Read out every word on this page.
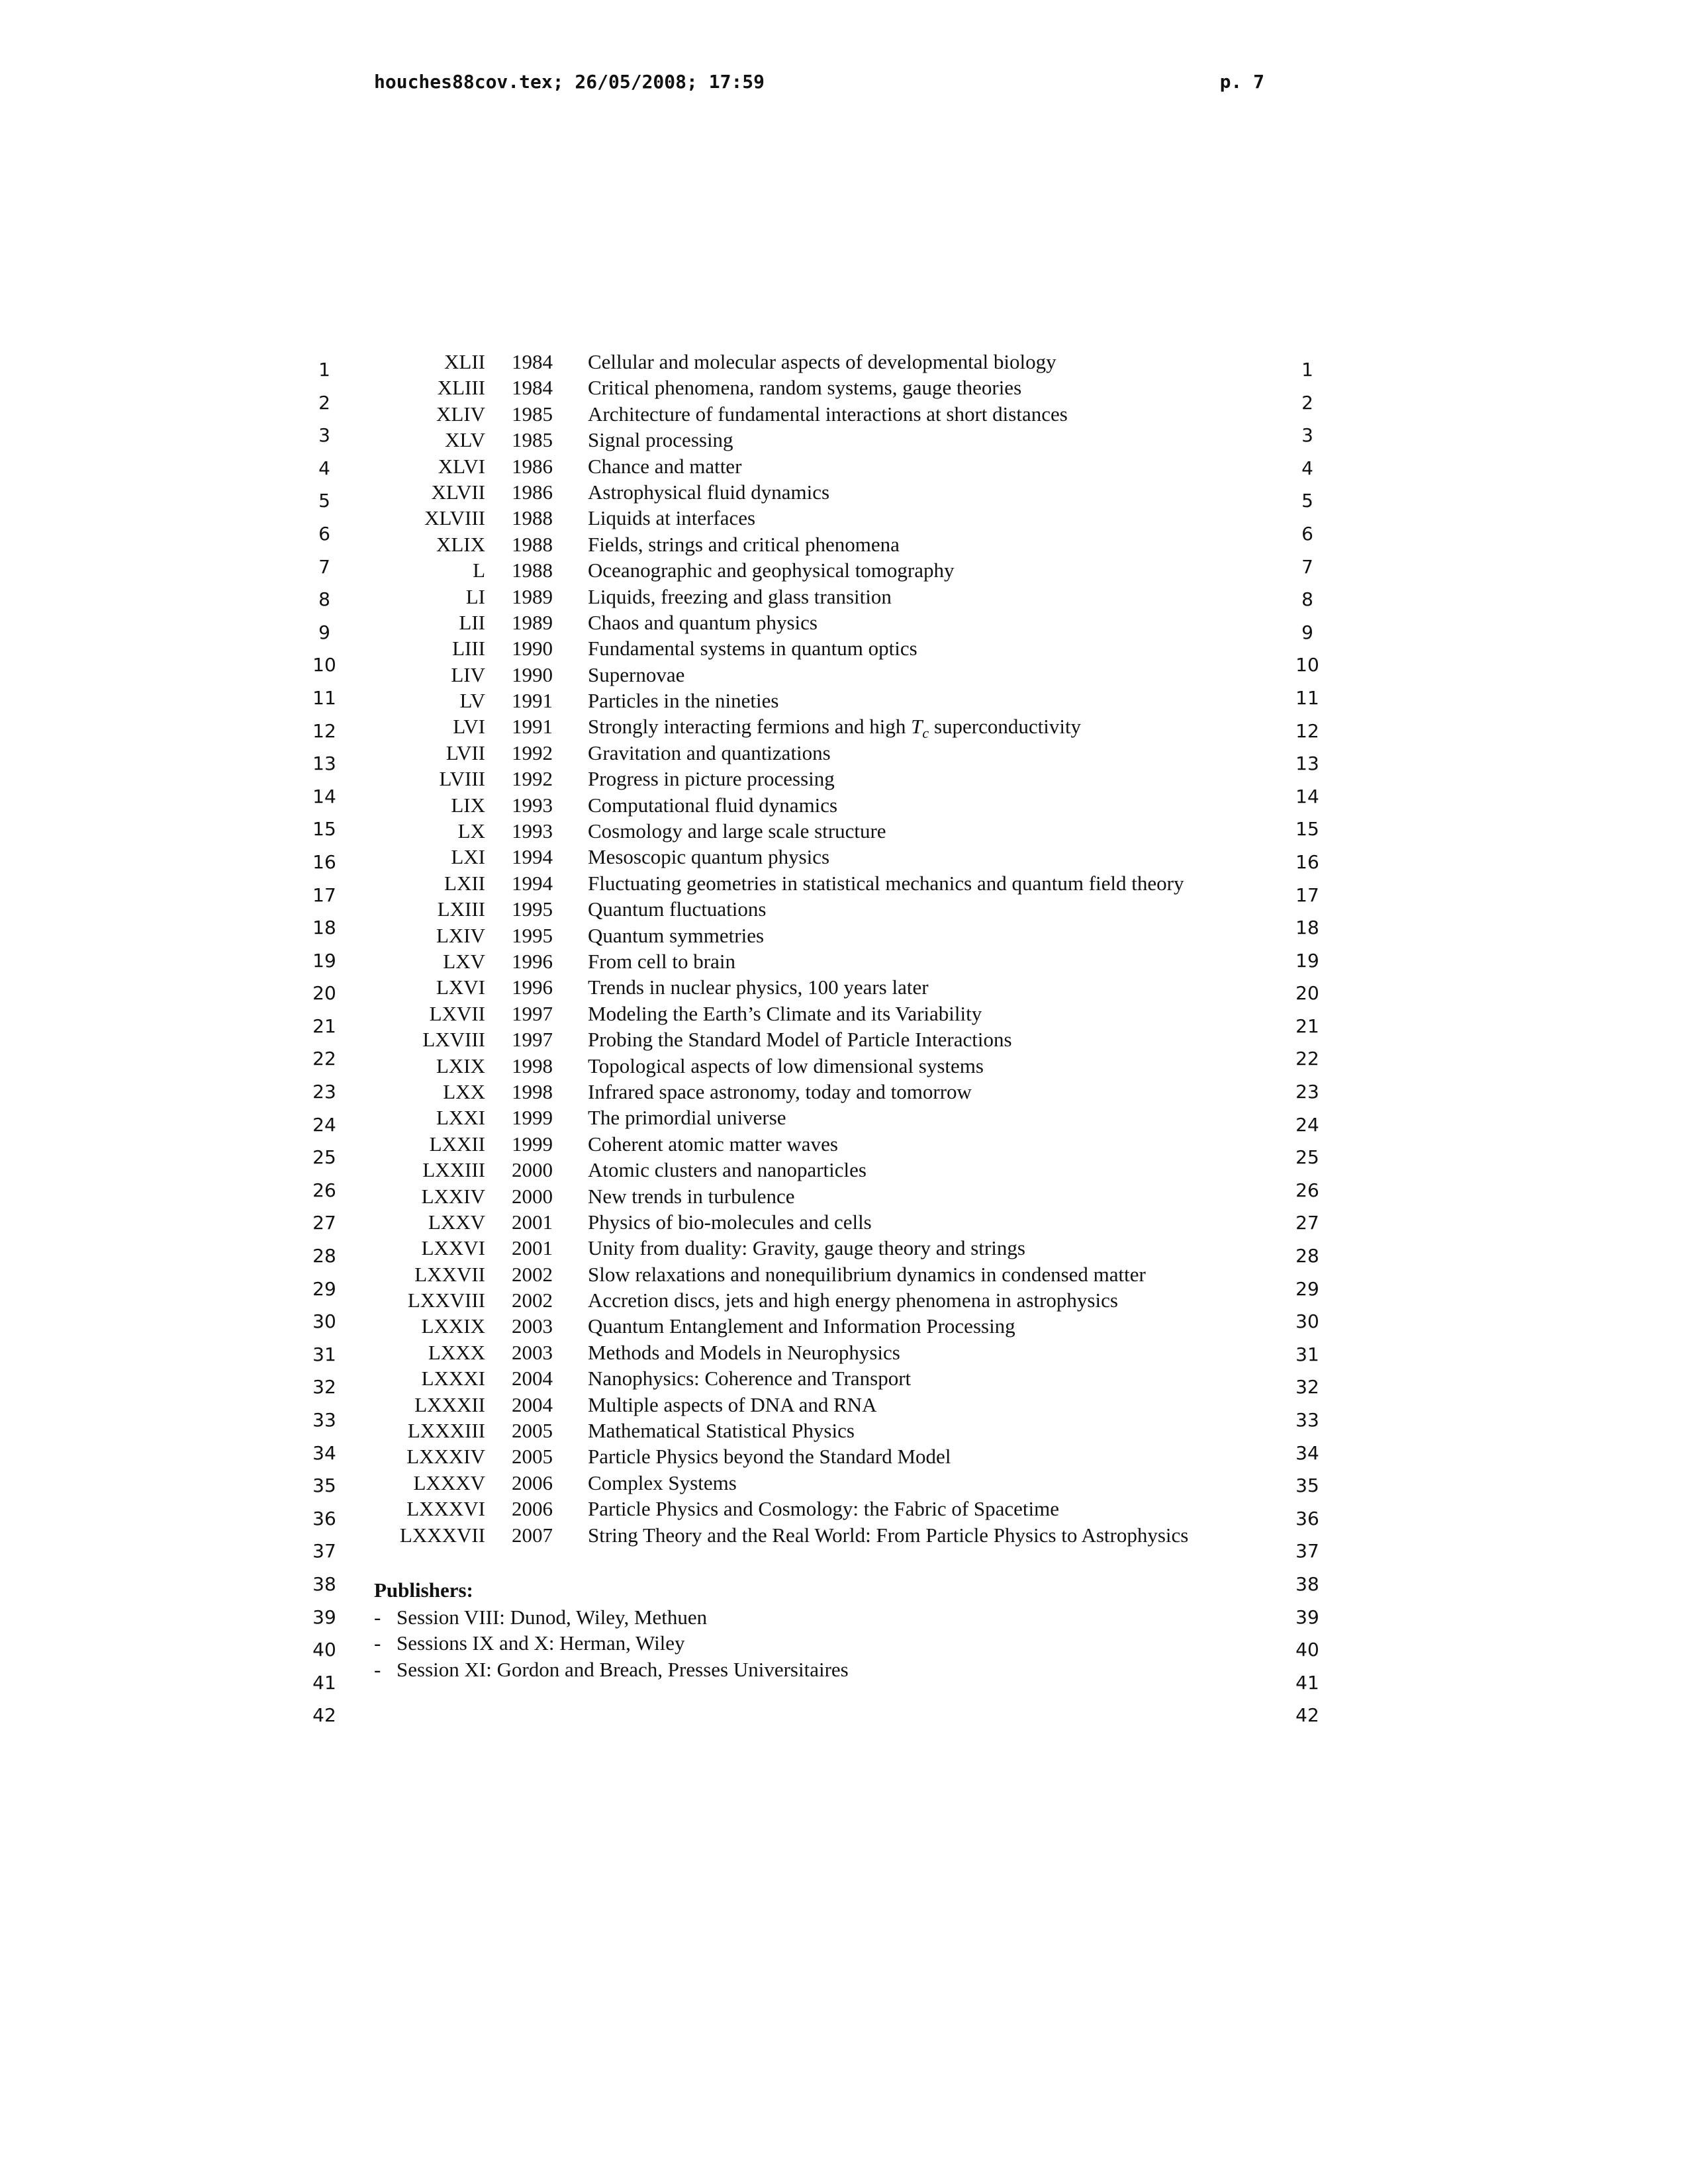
houches88cov.tex; 26/05/2008; 17:59	p. 7
1
2
3
4
5
6
7
8
9
10
11
12
13
14
15
16
17
18
19
20
21
22
23
24
25
26
27
28
29
30
31
32
33
34
35
36
37
38
39
40
41
42
1
2
3
4
5
6
7
8
9
10
11
12
13
14
15
16
17
18
19
20
21
22
23
24
25
26
27
28
29
30
31
32
33
34
35
36
37
38
39
40
41
42
XLII 1984	Cellular and molecular aspects of developmental biology
XLIII 1984	Critical phenomena, random systems, gauge theories
XLIV 1985	Architecture of fundamental interactions at short distances
XLV 1985	Signal processing
XLVI 1986	Chance and matter
XLVII 1986	Astrophysical fluid dynamics
XLVIII 1988	Liquids at interfaces
XLIX 1988	Fields, strings and critical phenomena
L 1988	Oceanographic and geophysical tomography
LI 1989	Liquids, freezing and glass transition
LII 1989	Chaos and quantum physics
LIII 1990	Fundamental systems in quantum optics
LIV 1990	Supernovae
LV 1991	Particles in the nineties
LVI 1991	Strongly interacting fermions and high $T_c$ superconductivity
LVII 1992	Gravitation and quantizations
LVIII 1992	Progress in picture processing
LIX 1993	Computational fluid dynamics
LX 1993	Cosmology and large scale structure
LXI 1994	Mesoscopic quantum physics
LXII 1994	Fluctuating geometries in statistical mechanics and quantum field theory
LXIII 1995	Quantum fluctuations
LXIV 1995	Quantum symmetries
LXV 1996	From cell to brain
LXVI 1996	Trends in nuclear physics, 100 years later
LXVII 1997	Modeling the Earth’s Climate and its Variability
LXVIII 1997	Probing the Standard Model of Particle Interactions
LXIX 1998	Topological aspects of low dimensional systems
LXX 1998	Infrared space astronomy, today and tomorrow
LXXI 1999	The primordial universe
LXXII 1999	Coherent atomic matter waves
LXXIII 2000	Atomic clusters and nanoparticles
LXXIV 2000	New trends in turbulence
LXXV 2001	Physics of bio-molecules and cells
LXXVI 2001	Unity from duality: Gravity, gauge theory and strings
LXXVII 2002	Slow relaxations and nonequilibrium dynamics in condensed matter
LXXVIII 2002	Accretion discs, jets and high energy phenomena in astrophysics
LXXIX 2003	Quantum Entanglement and Information Processing
LXXX 2003	Methods and Models in Neurophysics
LXXXI 2004	Nanophysics: Coherence and Transport
LXXXII 2004	Multiple aspects of DNA and RNA
LXXXIII 2005	Mathematical Statistical Physics
LXXXIV 2005	Particle Physics beyond the Standard Model
LXXXV 2006	Complex Systems
LXXXVI 2006	Particle Physics and Cosmology: the Fabric of Spacetime
LXXXVII 2007	String Theory and the Real World: From Particle Physics to Astrophysics
Publishers:
- Session VIII: Dunod, Wiley, Methuen
- Sessions IX and X: Herman, Wiley
- Session XI: Gordon and Breach, Presses Universitaires
